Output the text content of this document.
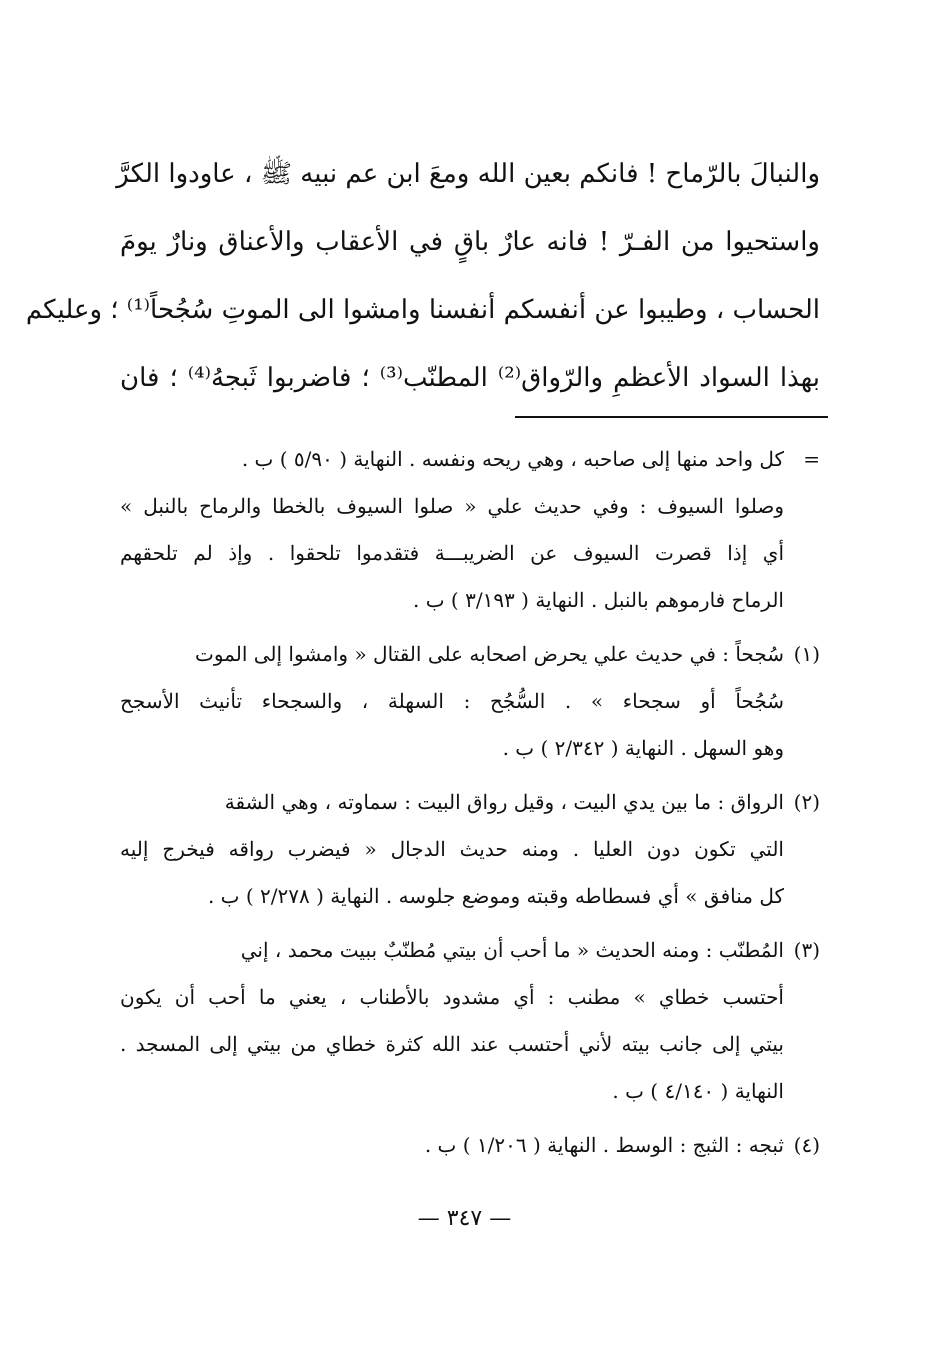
والنبالَ بالرّماح ! فانكم بعين الله ومعَ ابن عم نبيه ﷺ ، عاودوا الكرَّ
واستحيوا من الفـرّ ! فانه عارٌ باقٍ في الأعقاب والأعناق ونارٌ يومَ
الحساب ، وطيبوا عن أنفسكم أنفسنا وامشوا الى الموتِ سُجُحاً⁽¹⁾ ؛ وعليكم
بهذا السواد الأعظمِ والرّواق⁽²⁾ المطنّب⁽³⁾ ؛ فاضربوا ثَبجهُ⁽⁴⁾ ؛ فان
=كل واحد منها إلى صاحبه ، وهي ريحه ونفسه . النهاية ( ٥/٩٠ ) ب .
وصلوا السيوف : وفي حديث علي « صلوا السيوف بالخطا والرماح بالنبل »
أي إذا قصرت السيوف عن الضريبـــة فتقدموا تلحقوا . وإذ لم تلحقهم
الرماح فارموهم بالنبل . النهاية ( ٣/١٩٣ ) ب .
(١)سُجحاً : في حديث علي يحرض اصحابه على القتال « وامشوا إلى الموت
سُجُحاً أو سجحاء » . السُّجُح : السهلة ، والسجحاء تأنيث الأسجح
وهو السهل . النهاية ( ٢/٣٤٢ ) ب .
(٢)الرواق : ما بين يدي البيت ، وقيل رواق البيت : سماوته ، وهي الشقة
التي تكون دون العليا . ومنه حديث الدجال « فيضرب رواقه فيخرج إليه
كل منافق » أي فسطاطه وقبته وموضع جلوسه . النهاية ( ٢/٢٧٨ ) ب .
(٣)المُطنّب : ومنه الحديث « ما أحب أن بيتي مُطنّبٌ ببيت محمد ، إني
أحتسب خطاي » مطنب : أي مشدود بالأطناب ، يعني ما أحب أن يكون
بيتي إلى جانب بيته لأني أحتسب عند الله كثرة خطاي من بيتي إلى المسجد .
النهاية ( ٤/١٤٠ ) ب .
(٤)ثبجه : الثبج : الوسط . النهاية ( ١/٢٠٦ ) ب .
— ٣٤٧ —
